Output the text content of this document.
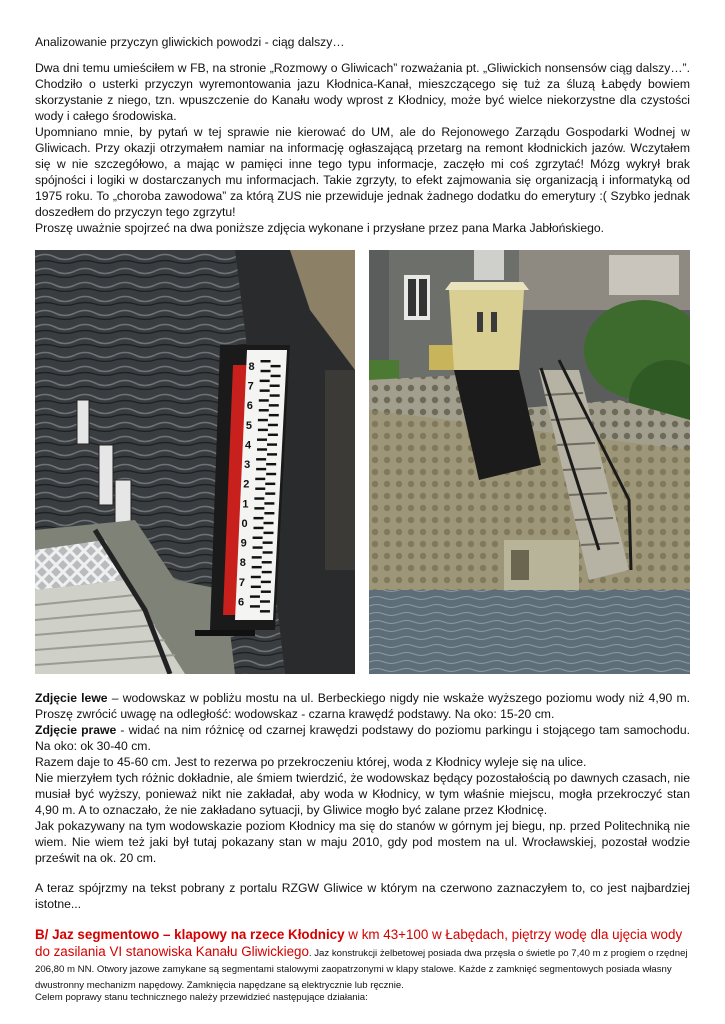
Analizowanie przyczyn gliwickich powodzi - ciąg dalszy…

Dwa dni temu umieściłem w FB, na stronie „Rozmowy o Gliwicach” rozważania pt. „Gliwickich nonsensów ciąg dalszy…”. Chodziło o usterki przyczyn wyremontowania jazu Kłodnica-Kanał, mieszczącego się tuż za śluzą Łabędy bowiem skorzystanie z niego, tzn. wpuszczenie do Kanału wody wprost z Kłodnicy, może być wielce niekorzystne dla czystości wody i całego środowiska.

Upomniano mnie, by pytań w tej sprawie nie kierować do UM, ale do Rejonowego Zarządu Gospodarki Wodnej w Gliwicach. Przy okazji otrzymałem namiar na informację ogłaszającą przetarg na remont kłodnickich jazów. Wczytałem się w nie szczegółowo, a mając w pamięci inne tego typu informacje, zaczęło mi coś zgrzytać! Mózg wykrył brak spójności i logiki w dostarczanych mu informacjach. Takie zgrzyty, to efekt zajmowania się organizacją i informatyką od 1975 roku. To „choroba zawodowa” za którą ZUS nie przewiduje jednak żadnego dodatku do emerytury :( Szybko jednak doszedłem do przyczyn tego zgrzytu!

Proszę uważnie spojrzeć na dwa poniższe zdjęcia wykonane i przysłane przez pana Marka Jabłońskiego.

8
7
6
5
4
3
2
1
0
9
8
7
6

Zdjęcie lewe – wodowskaz w pobliżu mostu na ul. Berbeckiego nigdy nie wskaże wyższego poziomu wody niż 4,90 m. Proszę zwrócić uwagę na odległość: wodowskaz - czarna krawędź podstawy. Na oko: 15-20 cm.

Zdjęcie prawe - widać na nim różnicę od czarnej krawędzi podstawy do poziomu parkingu i stojącego tam samochodu. Na oko: ok 30-40 cm.

Razem daje to 45-60 cm. Jest to rezerwa po przekroczeniu której, woda z Kłodnicy wyleje się na ulice.

Nie mierzyłem tych różnic dokładnie, ale śmiem twierdzić, że wodowskaz będący pozostałością po dawnych czasach, nie musiał być wyższy, ponieważ nikt nie zakładał, aby woda w Kłodnicy, w tym właśnie miejscu, mogła przekroczyć stan 4,90 m. A to oznaczało, że nie zakładano sytuacji, by Gliwice mogło być zalane przez Kłodnicę.

Jak pokazywany na tym wodowskazie poziom Kłodnicy ma się do stanów w górnym jej biegu, np. przed Politechniką nie wiem. Nie wiem też jaki był tutaj pokazany stan w maju 2010, gdy pod mostem na ul. Wrocławskiej, pozostał wodzie prześwit na ok. 20 cm.

A teraz spójrzmy na tekst pobrany z portalu RZGW Gliwice w którym na czerwono zaznaczyłem to, co jest najbardziej istotne...

B/ Jaz segmentowo – klapowy na rzece Kłodnicy w km 43+100 w Łabędach, piętrzy wodę dla ujęcia wody do zasilania VI stanowiska Kanału Gliwickiego. Jaz konstrukcji żelbetowej posiada dwa przęsła o świetle po 7,40 m z progiem o rzędnej 206,80 m NN. Otwory jazowe zamykane są segmentami stalowymi zaopatrzonymi w klapy stalowe. Każde z zamknięć segmentowych posiada własny dwustronny mechanizm napędowy. Zamknięcia napędzane są elektrycznie lub ręcznie.

Celem poprawy stanu technicznego należy przewidzieć następujące działania:
